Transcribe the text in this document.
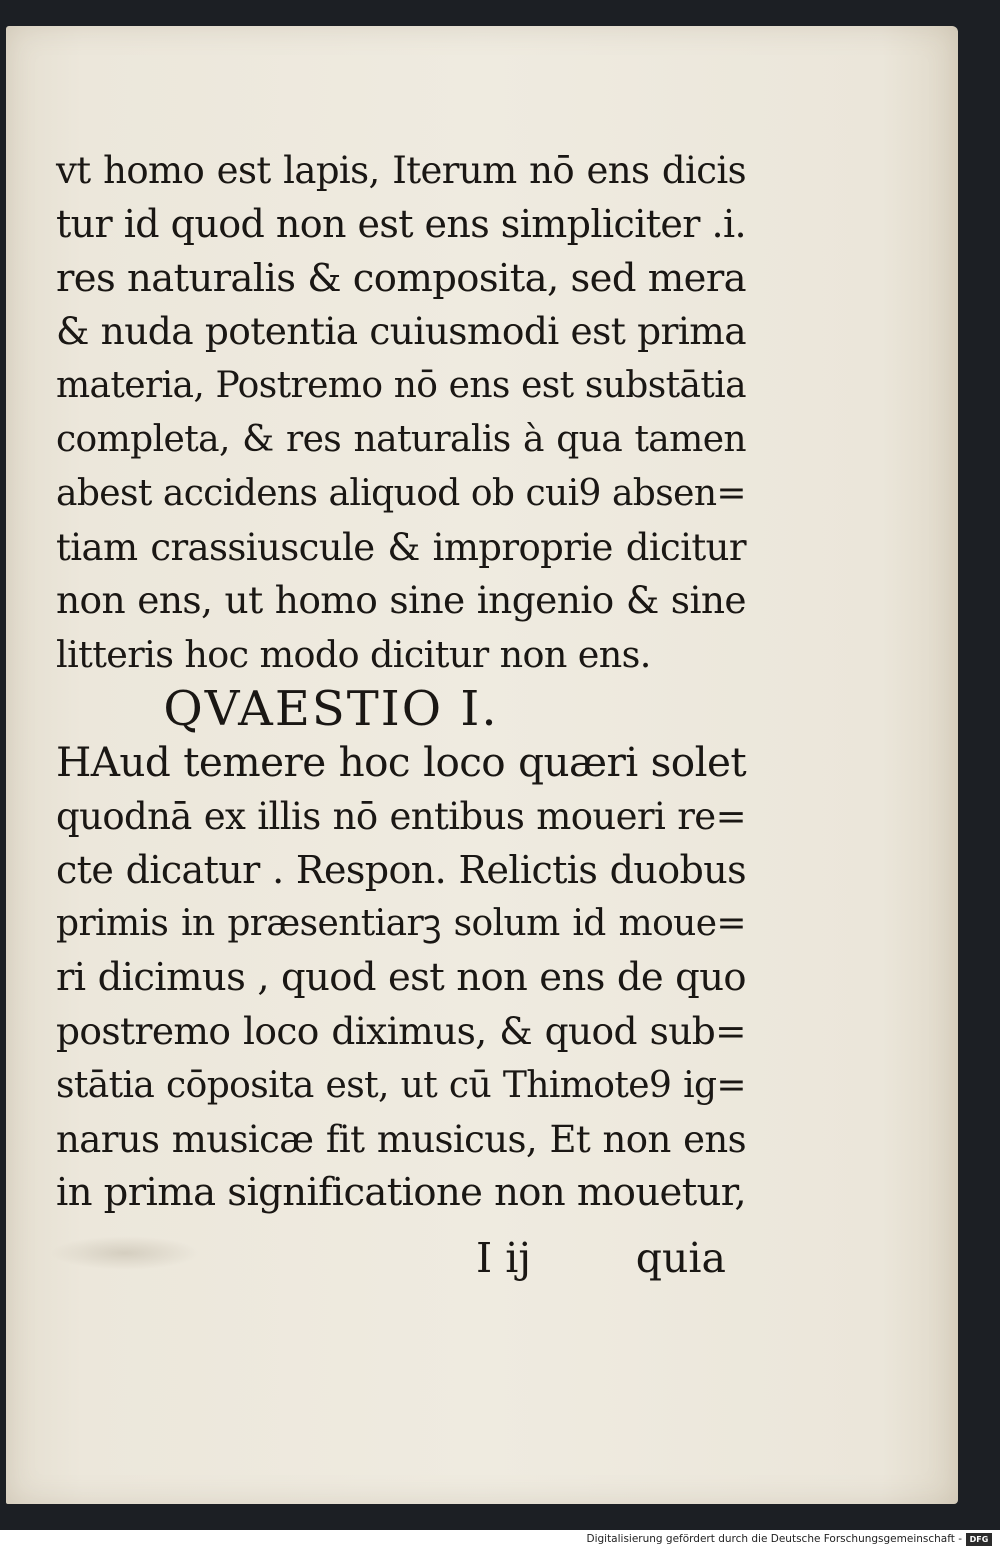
vt homo est lapis, Iterum nō ens dicis
tur id quod non est ens simpliciter .i.
res naturalis & composita, sed mera
& nuda potentia cuiusmodi est prima
materia, Postremo nō ens est substātia
completa, & res naturalis à qua tamen
abest accidens aliquod ob cui9 absen=
tiam crassiuscule & improprie dicitur
non ens, ut homo sine ingenio & sine
litteris hoc modo dicitur non ens.
QVAESTIO I.
HAud temere hoc loco quæri solet
quodnā ex illis nō entibus moueri re=
cte dicatur . Respon. Relictis duobus
primis in præsentiarꝫ solum id moue=
ri dicimus , quod est non ens de quo
postremo loco diximus, & quod sub=
stātia cōposita est, ut cū Thimote9 ig=
narus musicæ fit musicus, Et non ens
in prima significatione non mouetur,
I ij	quia
Digitalisierung gefördert durch die Deutsche Forschungsgemeinschaft - DFG
